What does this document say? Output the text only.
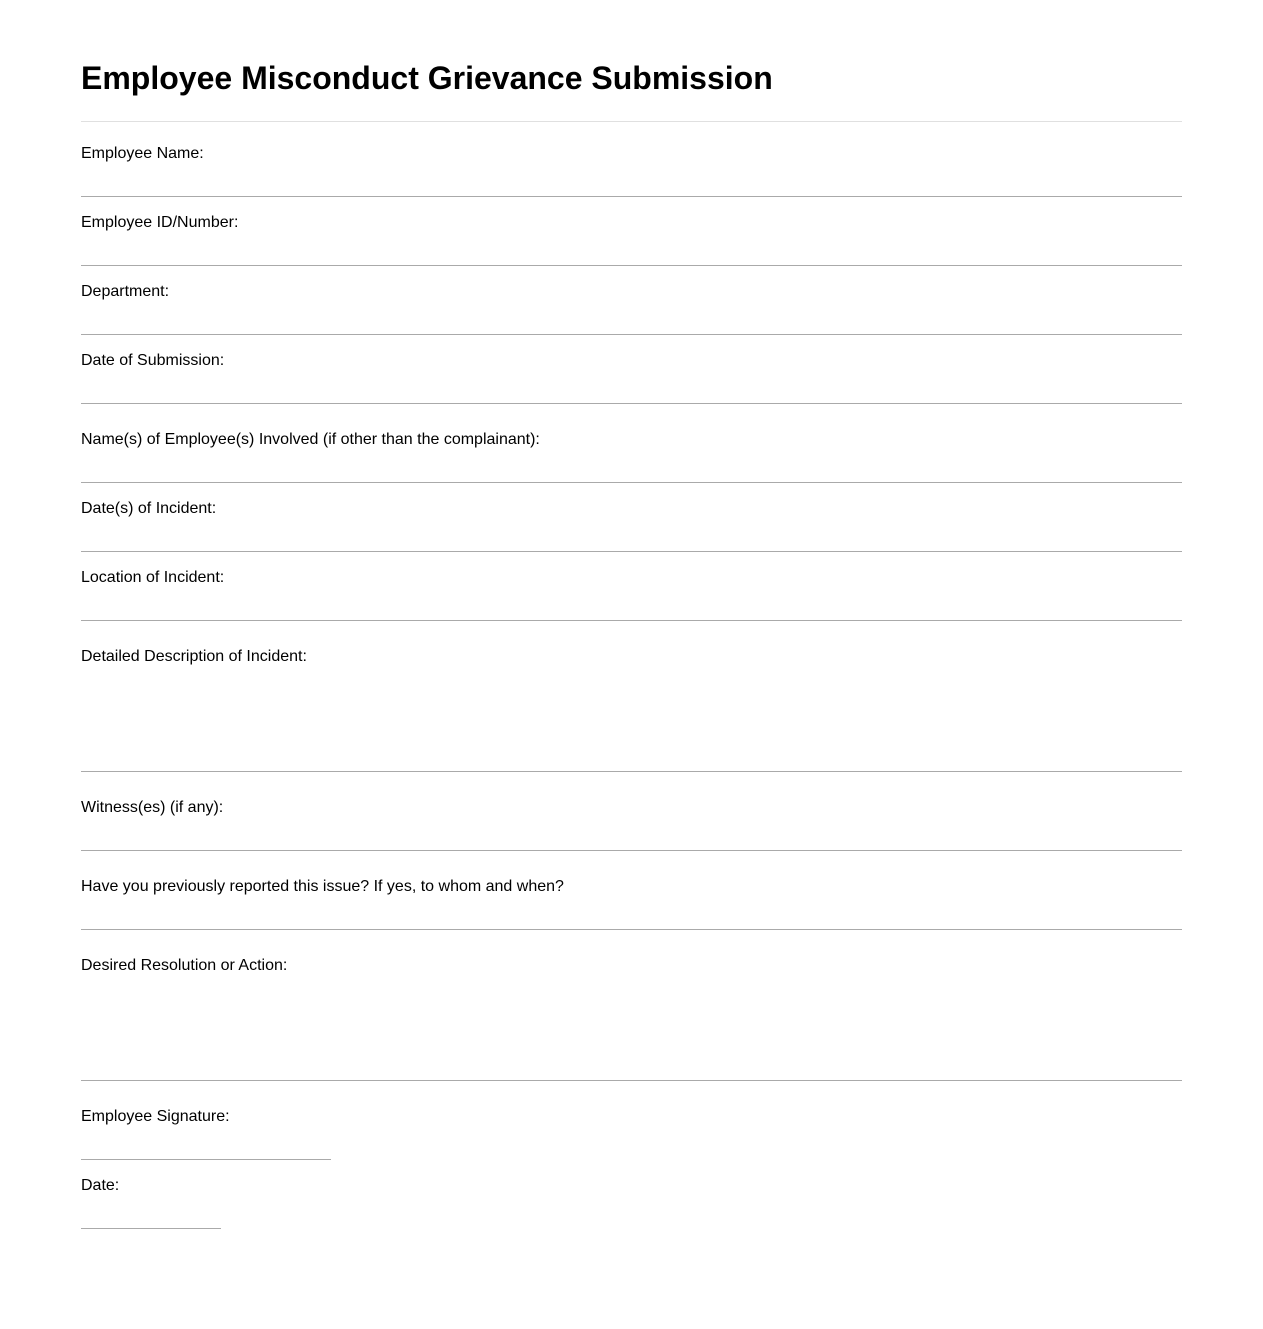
Employee Misconduct Grievance Submission
Employee Name:
Employee ID/Number:
Department:
Date of Submission:
Name(s) of Employee(s) Involved (if other than the complainant):
Date(s) of Incident:
Location of Incident:
Detailed Description of Incident:
Witness(es) (if any):
Have you previously reported this issue? If yes, to whom and when?
Desired Resolution or Action:
Employee Signature:
Date:
